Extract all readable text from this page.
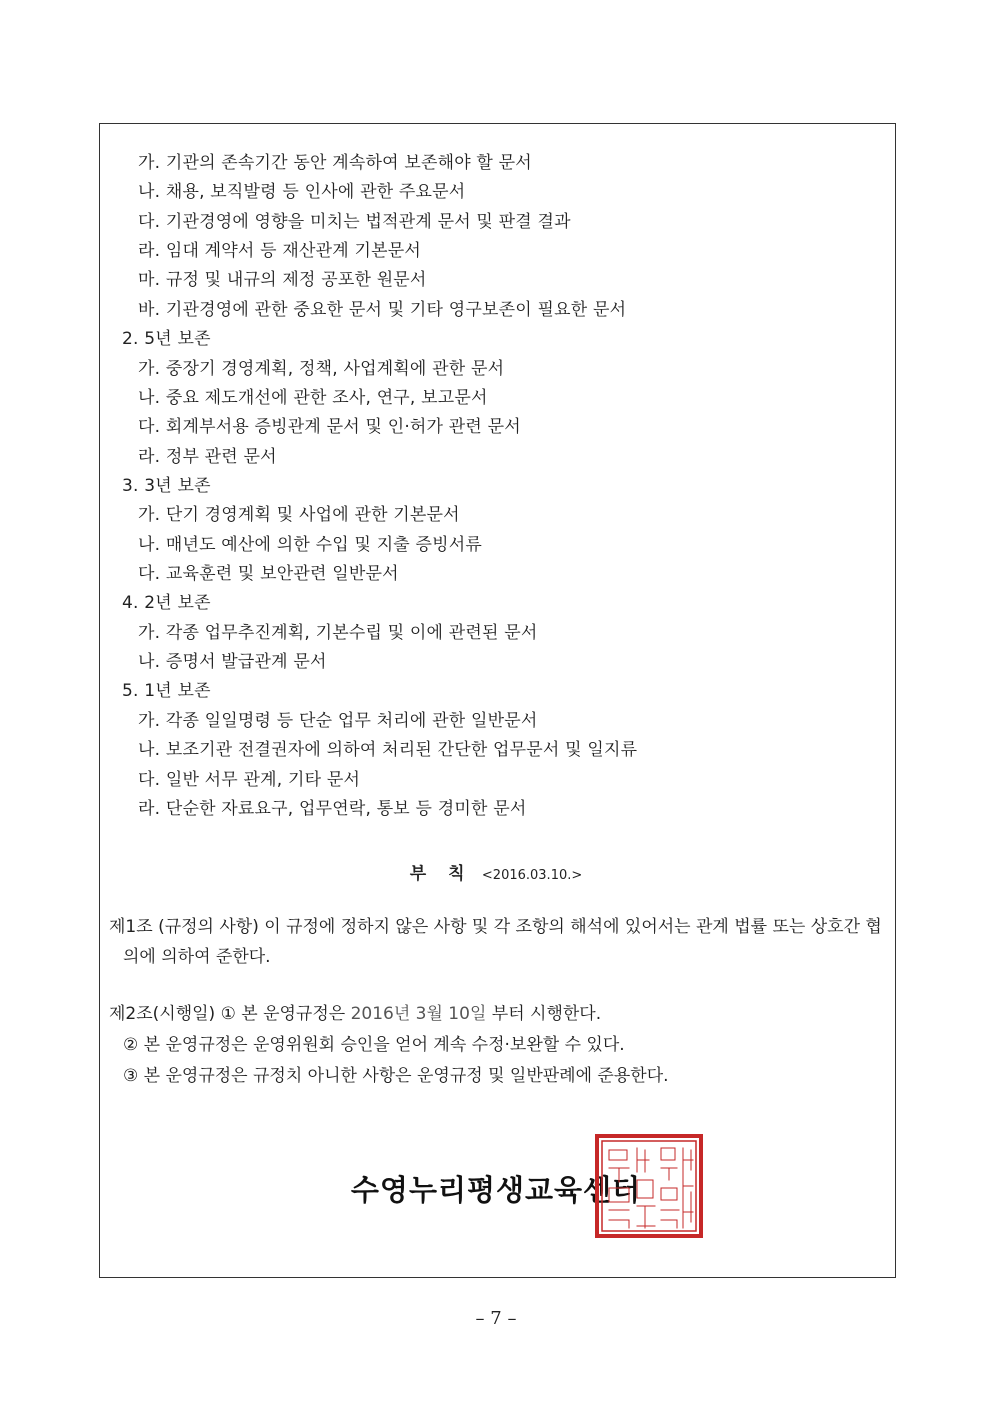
가. 기관의 존속기간 동안 계속하여 보존해야 할 문서
나. 채용, 보직발령 등 인사에 관한 주요문서
다. 기관경영에 영향을 미치는 법적관계 문서 및 판결 결과
라. 임대 계약서 등 재산관계 기본문서
마. 규정 및 내규의 제정 공포한 원문서
바. 기관경영에 관한 중요한 문서 및 기타 영구보존이 필요한 문서
2. 5년 보존
가. 중장기 경영계획, 정책, 사업계획에 관한 문서
나. 중요 제도개선에 관한 조사, 연구, 보고문서
다. 회계부서용 증빙관계 문서 및 인·허가 관련 문서
라. 정부 관련 문서
3. 3년 보존
가. 단기 경영계획 및 사업에 관한 기본문서
나. 매년도 예산에 의한 수입 및 지출 증빙서류
다. 교육훈련 및 보안관련 일반문서
4. 2년 보존
가. 각종 업무추진계획, 기본수립 및 이에 관련된 문서
나. 증명서 발급관계 문서
5. 1년 보존
가. 각종 일일명령 등 단순 업무 처리에 관한 일반문서
나. 보조기관 전결권자에 의하여 처리된 간단한 업무문서 및 일지류
다. 일반 서무 관계, 기타 문서
라. 단순한 자료요구, 업무연락, 통보 등 경미한 문서
부 칙 <2016.03.10.>
제1조 (규정의 사항) 이 규정에 정하지 않은 사항 및 각 조항의 해석에 있어서는 관계 법률 또는 상호간 협
의에 의하여 준한다.
제2조(시행일) ① 본 운영규정은 2016년 3월 10일 부터 시행한다.
② 본 운영규정은 운영위원회 승인을 얻어 계속 수정·보완할 수 있다.
③ 본 운영규정은 규정치 아니한 사항은 운영규정 및 일반판례에 준용한다.
수영누리평생교육센터
– 7 –
